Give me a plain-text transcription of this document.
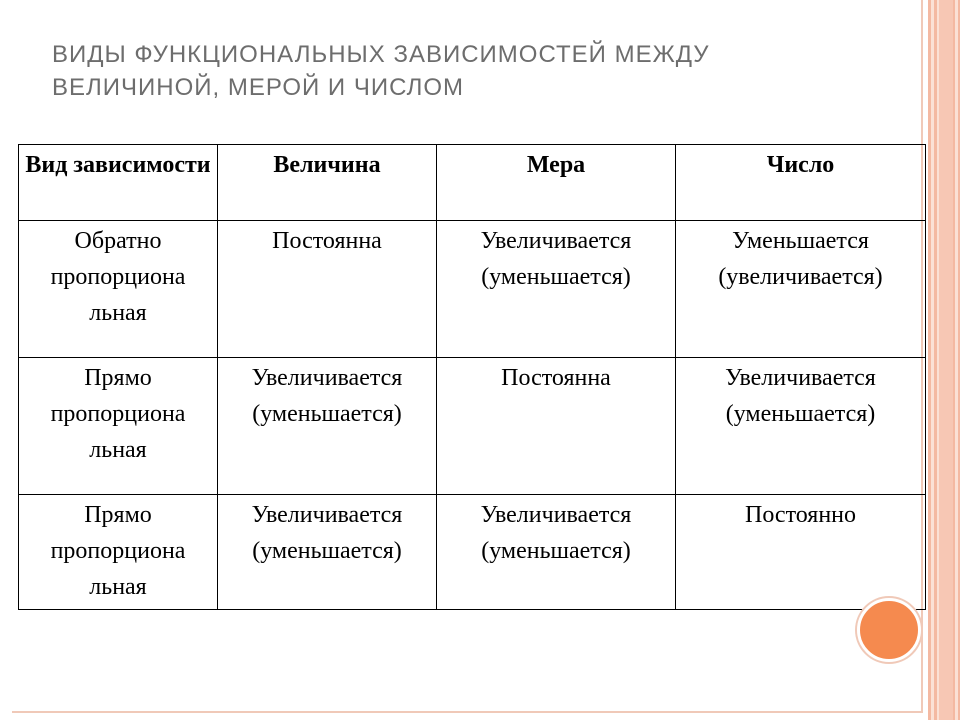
ВИДЫ ФУНКЦИОНАЛЬНЫХ ЗАВИСИМОСТЕЙ МЕЖДУ
ВЕЛИЧИНОЙ, МЕРОЙ И ЧИСЛОМ
Вид зависимости	Величина	Мера	Число
Обратно пропорциона льная	Постоянна	Увеличивается (уменьшается)	Уменьшается (увеличивается)
Прямо пропорциона льная	Увеличивается (уменьшается)	Постоянна	Увеличивается (уменьшается)
Прямо пропорциона льная	Увеличивается (уменьшается)	Увеличивается (уменьшается)	Постоянно
